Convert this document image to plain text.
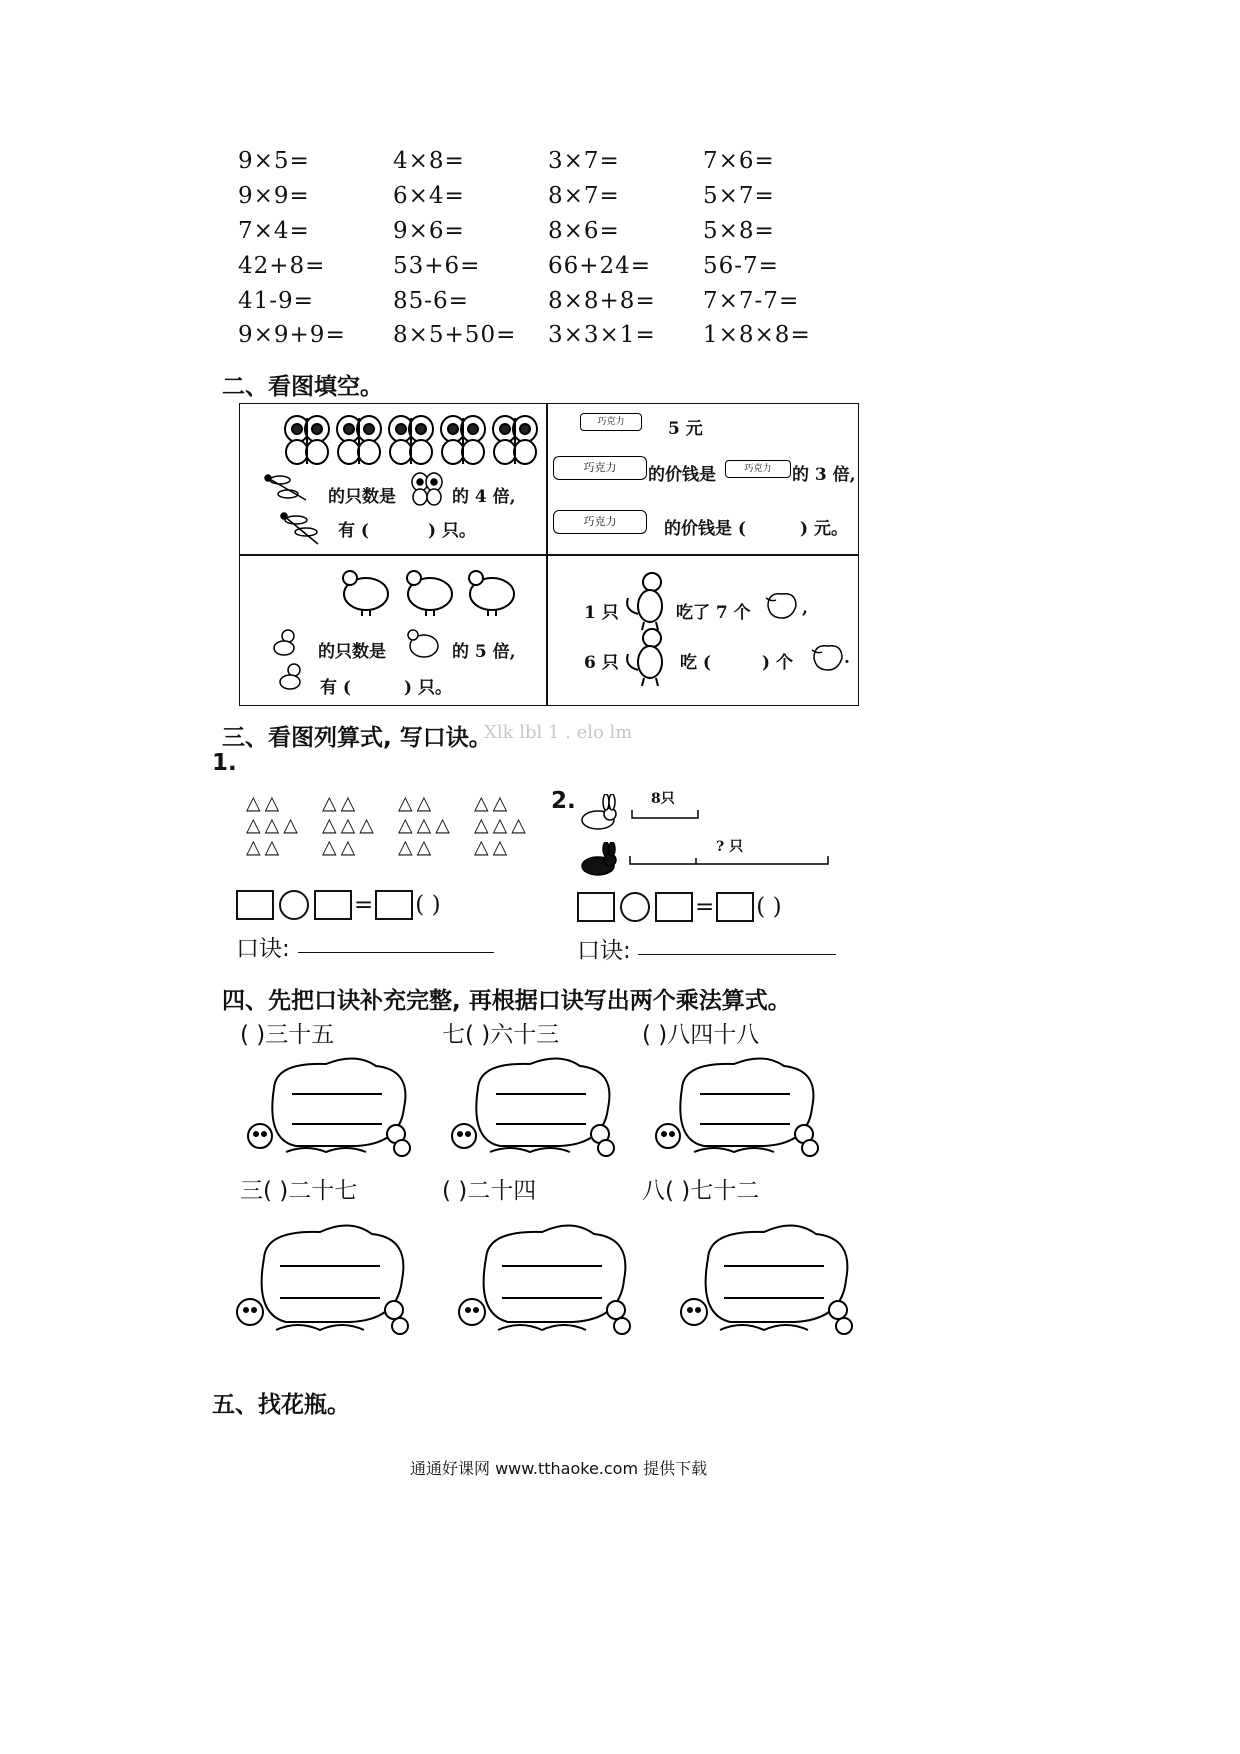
9×5=	4×8=	3×7=	7×6=
9×9=	6×4=	8×7=	5×7=
7×4=	9×6=	8×6=	5×8=
42+8=	53+6=	66+24= 56-7=
41-9=	85-6=	8×8+8= 7×7-7=
9×9+9= 8×5+50= 3×3×1= 1×8×8=
二、看图填空。
的只数是	的 4 倍,
有 (	) 只。
巧克力	5 元
巧克力	的价钱是	巧克力	的 3 倍,
巧克力	的价钱是 (	) 元。
的只数是	的 5 倍,
有 (	) 只。
1 只	吃了 7 个	,
6 只	吃 (	) 个	.
三、看图列算式, 写口诀。
Xlk lbl 1 . elo lm
1.
△△
△△△
△△
△△
△△△
△△
△△
△△△
△△
△△
△△△
△△
= ( )
口诀:
2.	8只
? 只
= ( )
口诀:
四、先把口诀补充完整, 再根据口诀写出两个乘法算式。
( )三十五	七( )六十三	( )八四十八
三( )二十七	( )二十四	八( )七十二
五、找花瓶。
通通好课网 www.tthaoke.com 提供下载
